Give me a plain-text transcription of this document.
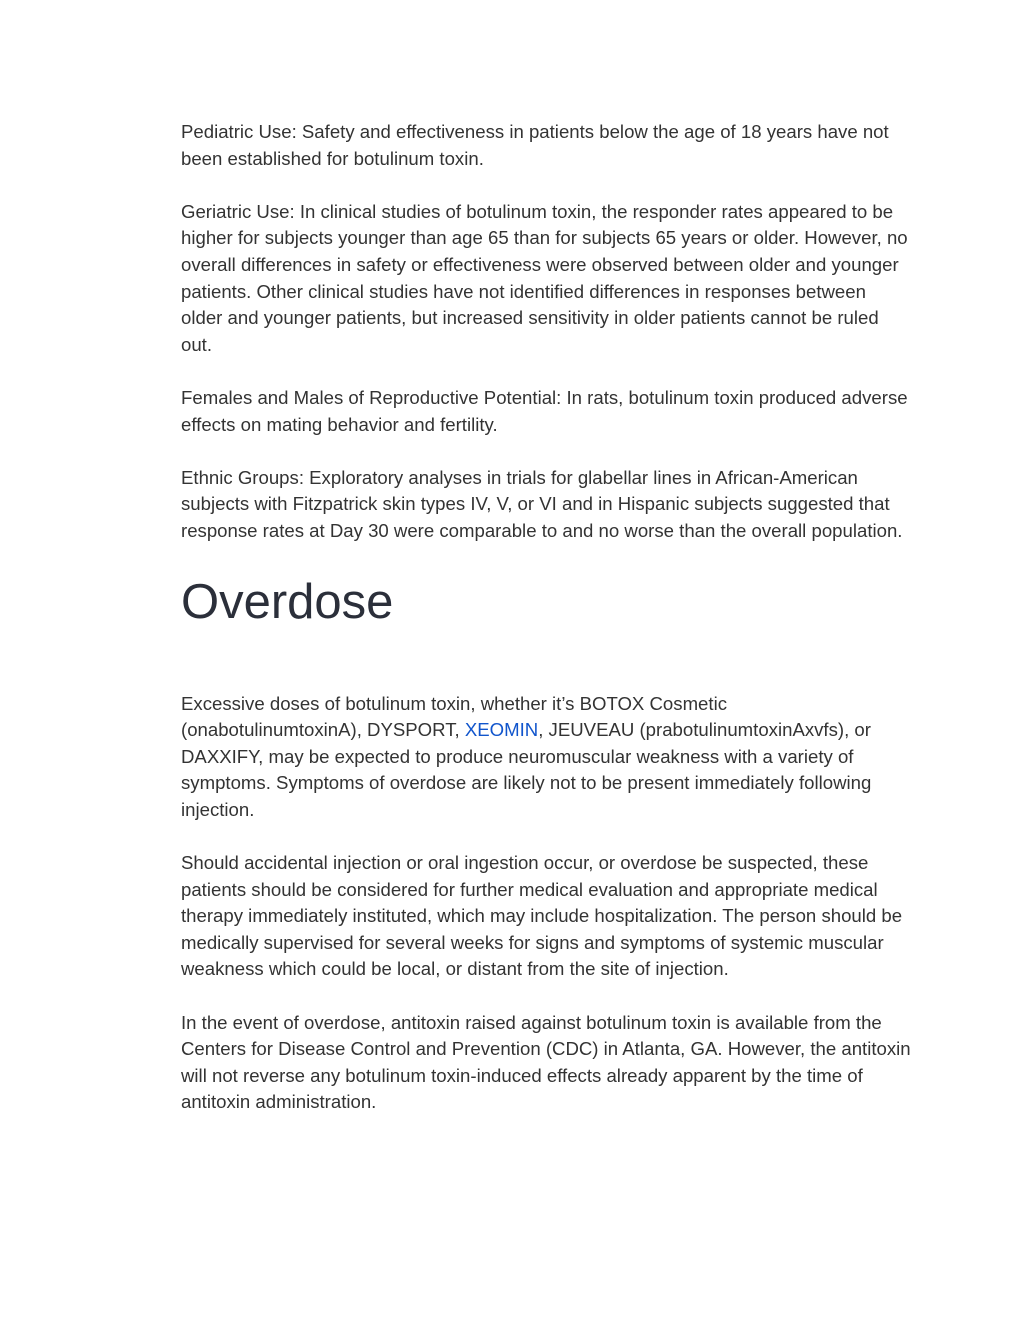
Pediatric Use: Safety and effectiveness in patients below the age of 18 years have not been established for botulinum toxin.

Geriatric Use: In clinical studies of botulinum toxin, the responder rates appeared to be higher for subjects younger than age 65 than for subjects 65 years or older. However, no overall differences in safety or effectiveness were observed between older and younger patients. Other clinical studies have not identified differences in responses between older and younger patients, but increased sensitivity in older patients cannot be ruled out.

Females and Males of Reproductive Potential: In rats, botulinum toxin produced adverse effects on mating behavior and fertility.

Ethnic Groups: Exploratory analyses in trials for glabellar lines in African-American subjects with Fitzpatrick skin types IV, V, or VI and in Hispanic subjects suggested that response rates at Day 30 were comparable to and no worse than the overall population.

Overdose

Excessive doses of botulinum toxin, whether it’s BOTOX Cosmetic (onabotulinumtoxinA), DYSPORT, XEOMIN, JEUVEAU (prabotulinumtoxinAxvfs), or DAXXIFY, may be expected to produce neuromuscular weakness with a variety of symptoms. Symptoms of overdose are likely not to be present immediately following injection.

Should accidental injection or oral ingestion occur, or overdose be suspected, these patients should be considered for further medical evaluation and appropriate medical therapy immediately instituted, which may include hospitalization. The person should be medically supervised for several weeks for signs and symptoms of systemic muscular weakness which could be local, or distant from the site of injection.

In the event of overdose, antitoxin raised against botulinum toxin is available from the Centers for Disease Control and Prevention (CDC) in Atlanta, GA. However, the antitoxin will not reverse any botulinum toxin-induced effects already apparent by the time of antitoxin administration.
